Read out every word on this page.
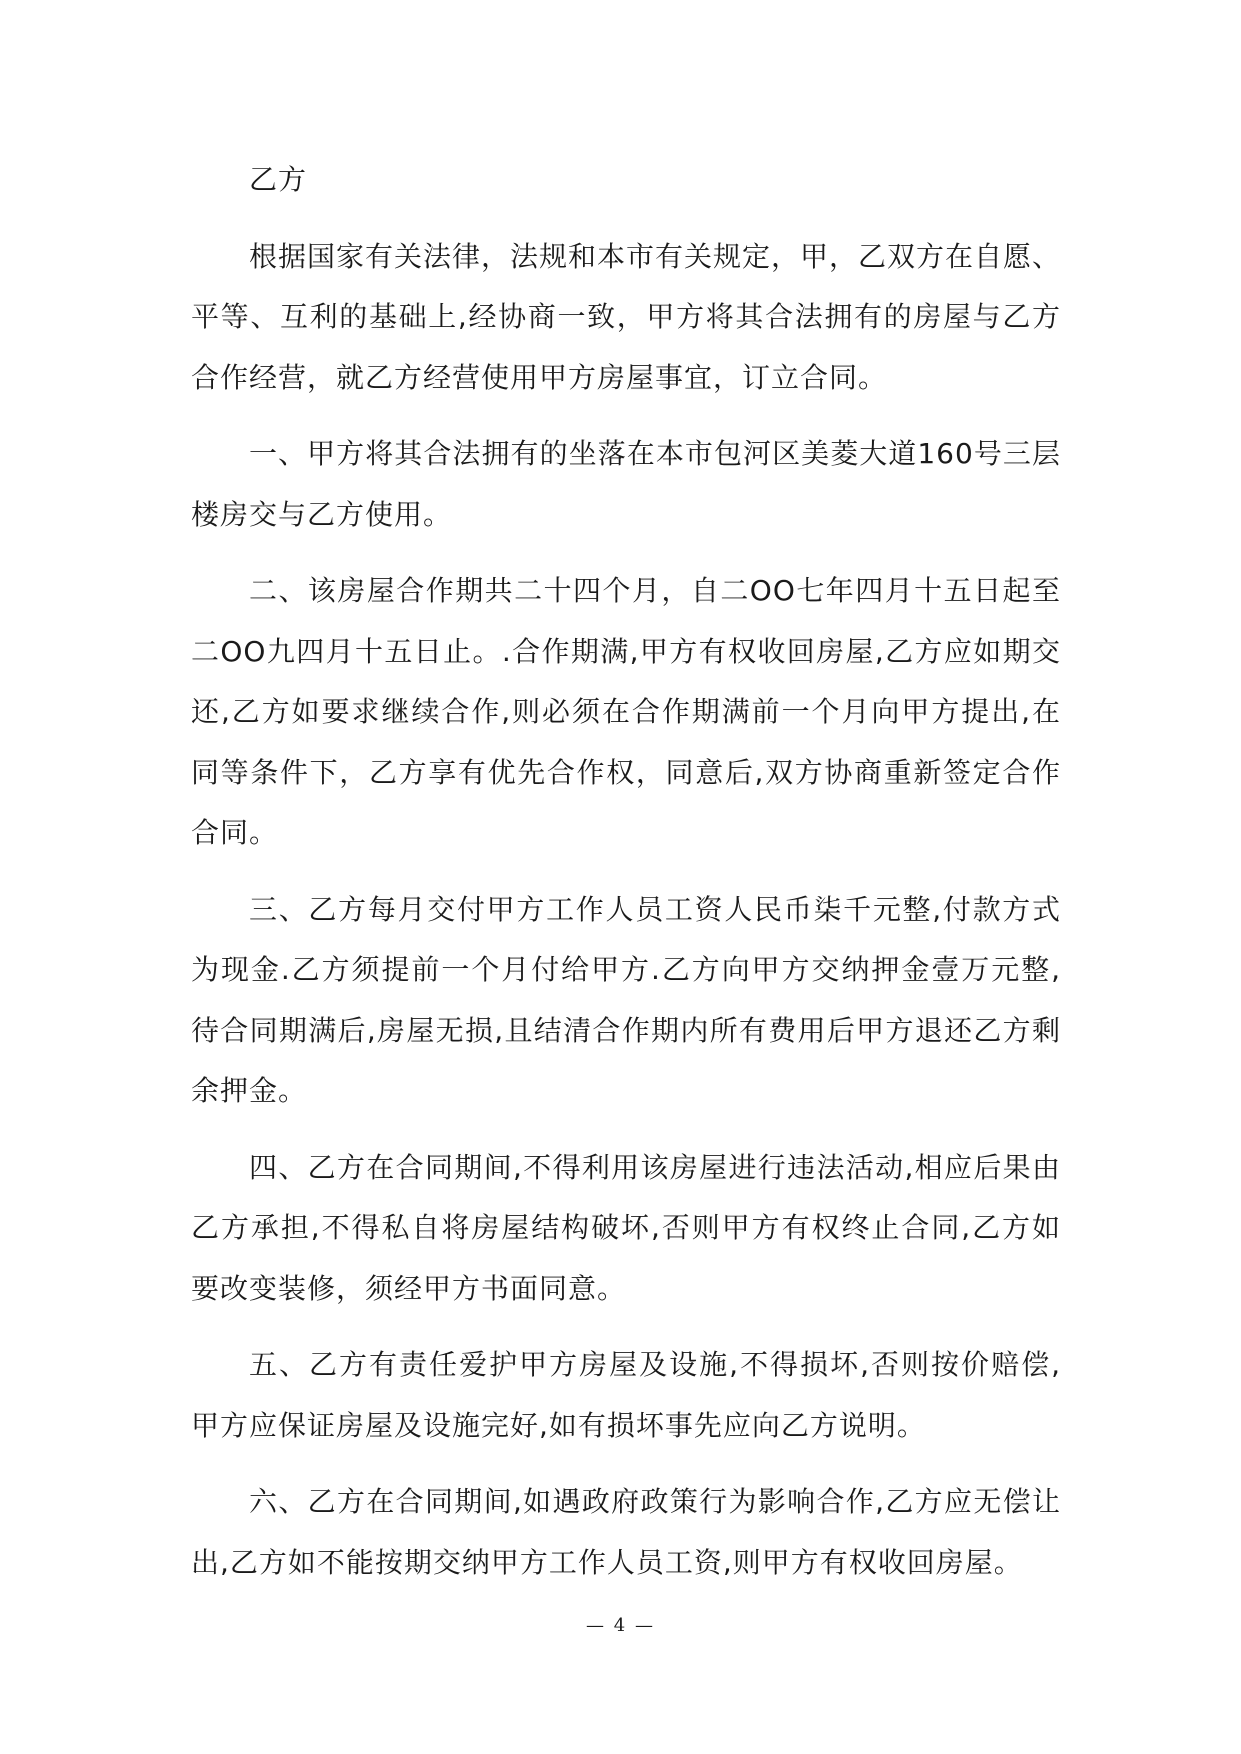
乙方

根据国家有关法律，法规和本市有关规定，甲，乙双方在自愿、平等、互利的基础上,经协商一致，甲方将其合法拥有的房屋与乙方合作经营，就乙方经营使用甲方房屋事宜，订立合同。

一、甲方将其合法拥有的坐落在本市包河区美菱大道160号三层楼房交与乙方使用。

二、该房屋合作期共二十四个月，自二OO七年四月十五日起至二OO九四月十五日止。.合作期满,甲方有权收回房屋,乙方应如期交还,乙方如要求继续合作,则必须在合作期满前一个月向甲方提出,在同等条件下，乙方享有优先合作权，同意后,双方协商重新签定合作合同。

三、乙方每月交付甲方工作人员工资人民币柒千元整,付款方式为现金.乙方须提前一个月付给甲方.乙方向甲方交纳押金壹万元整,待合同期满后,房屋无损,且结清合作期内所有费用后甲方退还乙方剩余押金。

四、乙方在合同期间,不得利用该房屋进行违法活动,相应后果由乙方承担,不得私自将房屋结构破坏,否则甲方有权终止合同,乙方如要改变装修，须经甲方书面同意。

五、乙方有责任爱护甲方房屋及设施,不得损坏,否则按价赔偿,甲方应保证房屋及设施完好,如有损坏事先应向乙方说明。

六、乙方在合同期间,如遇政府政策行为影响合作,乙方应无偿让出,乙方如不能按期交纳甲方工作人员工资,则甲方有权收回房屋。

— 4 —
